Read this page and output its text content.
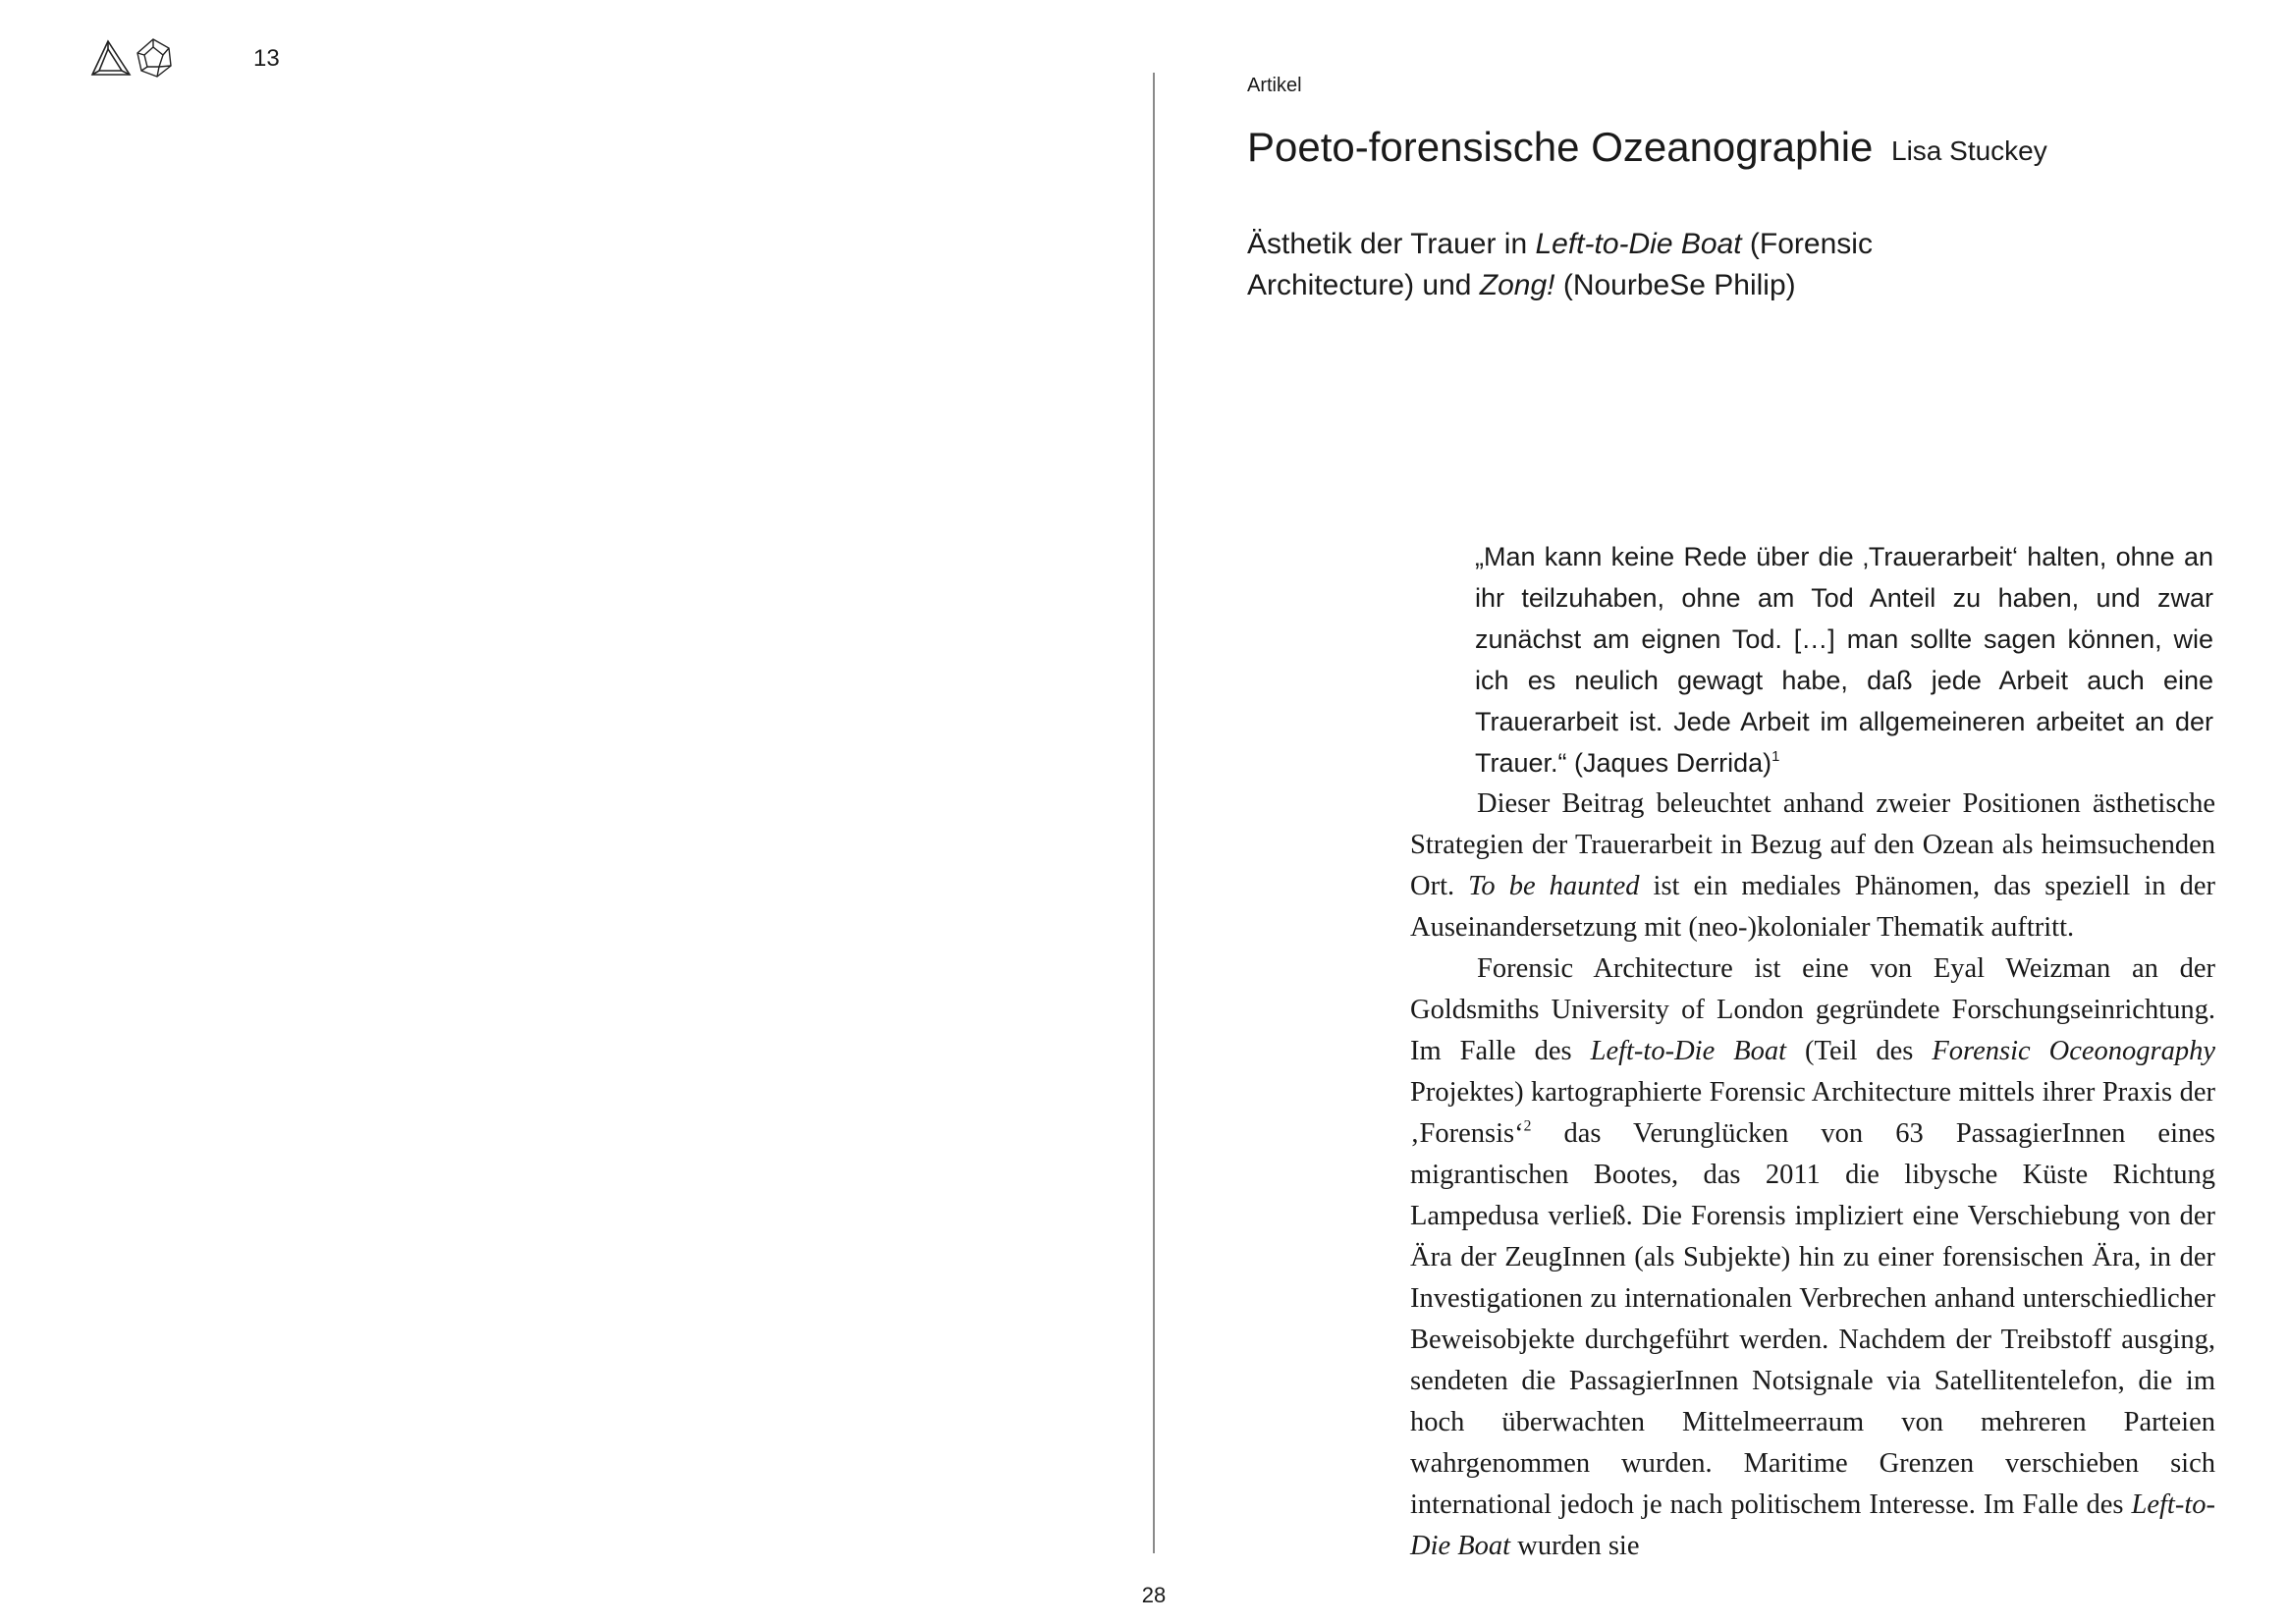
13
Artikel
Poeto-forensische Ozeanographie

Ästhetik der Trauer in Left-to-Die Boat (Forensic Architecture) und Zong! (NourbeSe Philip)

Lisa Stuckey

„Man kann keine Rede über die ‚Trauerarbeit‘ halten, ohne an ihr teilzuhaben, ohne am Tod Anteil zu haben, und zwar zunächst am eignen Tod. […] man sollte sagen können, wie ich es neulich gewagt habe, daß jede Arbeit auch eine Trauerarbeit ist. Jede Arbeit im allgemeineren arbeitet an der Trauer.“ (Jaques Derrida)$^1$

Dieser Beitrag beleuchtet anhand zweier Positionen ästhetische Strategien der Trauerarbeit in Bezug auf den Ozean als heimsuchenden Ort. To be haunted ist ein mediales Phänomen, das speziell in der Auseinandersetzung mit (neo-)kolonialer Thematik auftritt.

Forensic Architecture ist eine von Eyal Weizman an der Goldsmiths University of London gegründete Forschungseinrichtung. Im Falle des Left-to-Die Boat (Teil des Forensic Oceonography Projektes) kartographierte Forensic Architecture mittels ihrer Praxis der ‚Forensis‘$^2$ das Verunglücken von 63 PassagierInnen eines migrantischen Bootes, das 2011 die libysche Küste Richtung Lampedusa verließ. Die Forensis impliziert eine Verschiebung von der Ära der ZeugInnen (als Subjekte) hin zu einer forensischen Ära, in der Investigationen zu internationalen Verbrechen anhand unterschiedlicher Beweisobjekte durchgeführt werden. Nachdem der Treibstoff ausging, sendeten die PassagierInnen Notsignale via Satellitentelefon, die im hoch überwachten Mittelmeerraum von mehreren Parteien wahrgenommen wurden. Maritime Grenzen verschieben sich international jedoch je nach politischem Interesse. Im Falle des Left-to-Die Boat wurden sie

28
